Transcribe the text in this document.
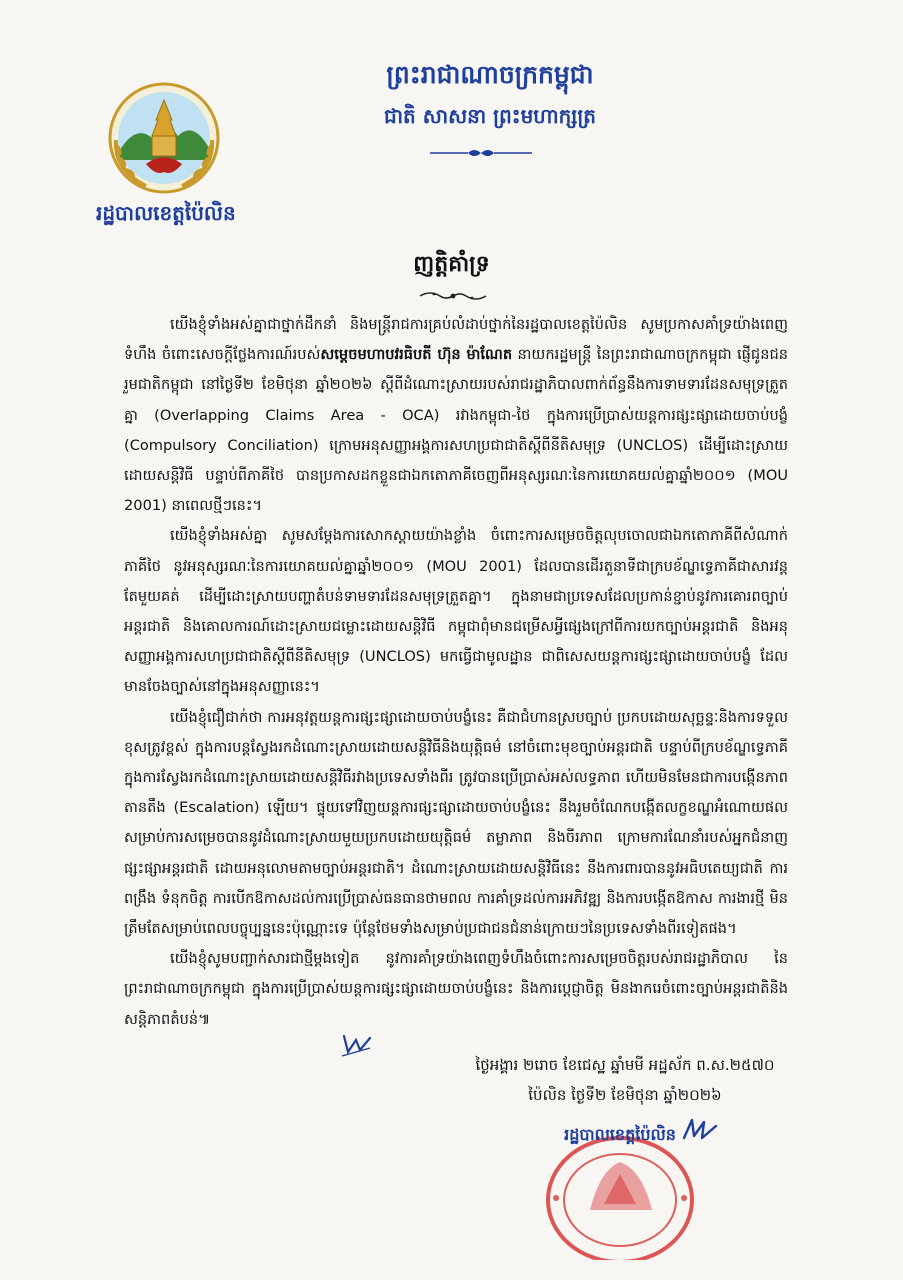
រដ្ឋបាលខេត្តប៉ៃលិន
ព្រះរាជាណាចក្រកម្ពុជា
ជាតិ សាសនា ព្រះមហាក្សត្រ
ញត្តិគាំទ្រ

យើងខ្ញុំទាំងអស់គ្នាជាថ្នាក់ដឹកនាំ និងមន្ត្រីរាជការគ្រប់លំដាប់ថ្នាក់នៃរដ្ឋបាលខេត្តប៉ៃលិន សូមប្រកាសគាំទ្រយ៉ាងពេញទំហឹង ចំពោះសេចក្តីថ្លែងការណ៍របស់សម្តេចមហាបវរធិបតី ហ៊ុន ម៉ាណែត នាយករដ្ឋមន្ត្រី នៃព្រះរាជាណាចក្រកម្ពុជា ផ្ញើជូនជនរួមជាតិកម្ពុជា នៅថ្ងៃទី២ ខែមិថុនា ឆ្នាំ២០២៦ ស្តីពីដំណោះស្រាយរបស់រាជរដ្ឋាភិបាលពាក់ព័ន្ធនឹងការទាមទារដែនសមុទ្រត្រួតគ្នា (Overlapping Claims Area - OCA) រវាងកម្ពុជា-ថៃ ក្នុងការប្រើប្រាស់យន្តការផ្សះផ្សាដោយចាប់បង្ខំ (Compulsory Conciliation) ក្រោមអនុសញ្ញាអង្គការសហប្រជាជាតិស្តីពីនីតិសមុទ្រ (UNCLOS) ដើម្បីដោះស្រាយដោយសន្តិវិធី បន្ទាប់ពីភាគីថៃ បានប្រកាសដកខ្លួនជាឯកតោភាគីចេញពីអនុស្សរណៈនៃការយោគយល់គ្នាឆ្នាំ២០០១ (MOU 2001) នាពេលថ្មីៗនេះ។

យើងខ្ញុំទាំងអស់គ្នា សូមសម្តែងការសោកស្តាយយ៉ាងខ្លាំង ចំពោះការសម្រេចចិត្តលុបចោលជាឯកតោភាគីពីសំណាក់ភាគីថៃ នូវអនុស្សរណៈនៃការយោគយល់គ្នាឆ្នាំ២០០១ (MOU 2001) ដែលបានដើរតួនាទីជាក្របខ័ណ្ឌទ្វេភាគីជាសារវន្តតែមួយគត់ ដើម្បីដោះស្រាយបញ្ហាតំបន់ទាមទារដែនសមុទ្រត្រួតគ្នា។ ក្នុងនាមជាប្រទេសដែលប្រកាន់ខ្ជាប់នូវការគោរពច្បាប់អន្តរជាតិ និងគោលការណ៍ដោះស្រាយជម្លោះដោយសន្តិវិធី កម្ពុជាពុំមានជម្រើសអ្វីផ្សេងក្រៅពីការយកច្បាប់អន្តរជាតិ និងអនុសញ្ញាអង្គការសហប្រជាជាតិស្តីពីនីតិសមុទ្រ (UNCLOS) មកធ្វើជាមូលដ្ឋាន ជាពិសេសយន្តការផ្សះផ្សាដោយចាប់បង្ខំ ដែលមានចែងច្បាស់នៅក្នុងអនុសញ្ញានេះ។

យើងខ្ញុំជឿជាក់ថា ការអនុវត្តយន្តការផ្សះផ្សាដោយចាប់បង្ខំនេះ គឺជាជំហានស្របច្បាប់ ប្រកបដោយសុច្ឆន្ទៈនិងការទទួលខុសត្រូវខ្ពស់ ក្នុងការបន្តស្វែងរកដំណោះស្រាយដោយសន្តិវិធីនិងយុត្តិធម៌ នៅចំពោះមុខច្បាប់អន្តរជាតិ បន្ទាប់ពីក្របខ័ណ្ឌទ្វេភាគីក្នុងការស្វែងរកដំណោះស្រាយដោយសន្តិវិធីរវាងប្រទេសទាំងពីរ ត្រូវបានប្រើប្រាស់អស់លទ្ធភាព ហើយមិនមែនជាការបង្កើនភាពតានតឹង (Escalation) ឡើយ។ ផ្ទុយទៅវិញយន្តការផ្សះផ្សាដោយចាប់បង្ខំនេះ នឹងរួមចំណែកបង្កើតលក្ខខណ្ឌអំណោយផលសម្រាប់ការសម្រេចបាននូវដំណោះស្រាយមួយប្រកបដោយយុត្តិធម៌ តម្លាភាព និងចីរភាព ក្រោមការណែនាំរបស់អ្នកជំនាញផ្សះផ្សាអន្តរជាតិ ដោយអនុលោមតាមច្បាប់អន្តរជាតិ។ ដំណោះស្រាយដោយសន្តិវិធីនេះ នឹងការពារបាននូវអធិបតេយ្យជាតិ ការពង្រឹង ទំនុកចិត្ត ការបើកឱកាសដល់ការប្រើប្រាស់ធនធានថាមពល ការគាំទ្រដល់ការអភិវឌ្ឍ និងការបង្កើតឱកាស ការងារថ្មី មិនត្រឹមតែសម្រាប់ពេលបច្ចុប្បន្ននេះប៉ុណ្ណោះទេ ប៉ុន្តែថែមទាំងសម្រាប់ប្រជាជនជំនាន់ក្រោយៗនៃប្រទេសទាំងពីរទៀតផង។

យើងខ្ញុំសូមបញ្ជាក់សារជាថ្មីម្តងទៀត នូវការគាំទ្រយ៉ាងពេញទំហឹងចំពោះការសម្រេចចិត្តរបស់រាជរដ្ឋាភិបាល នៃព្រះរាជាណាចក្រកម្ពុជា ក្នុងការប្រើប្រាស់យន្តការផ្សះផ្សាដោយចាប់បង្ខំនេះ និងការប្តេជ្ញាចិត្ត មិនងាករេចំពោះច្បាប់អន្តរជាតិនិងសន្តិភាពតំបន់៕

ថ្ងៃអង្គារ ២រោច ខែជេស្ឋ ឆ្នាំមមី អដ្ឋស័ក ព.ស.២៥៧០
ប៉ៃលិន ថ្ងៃទី២ ខែមិថុនា ឆ្នាំ២០២៦
រដ្ឋបាលខេត្តប៉ៃលិន
